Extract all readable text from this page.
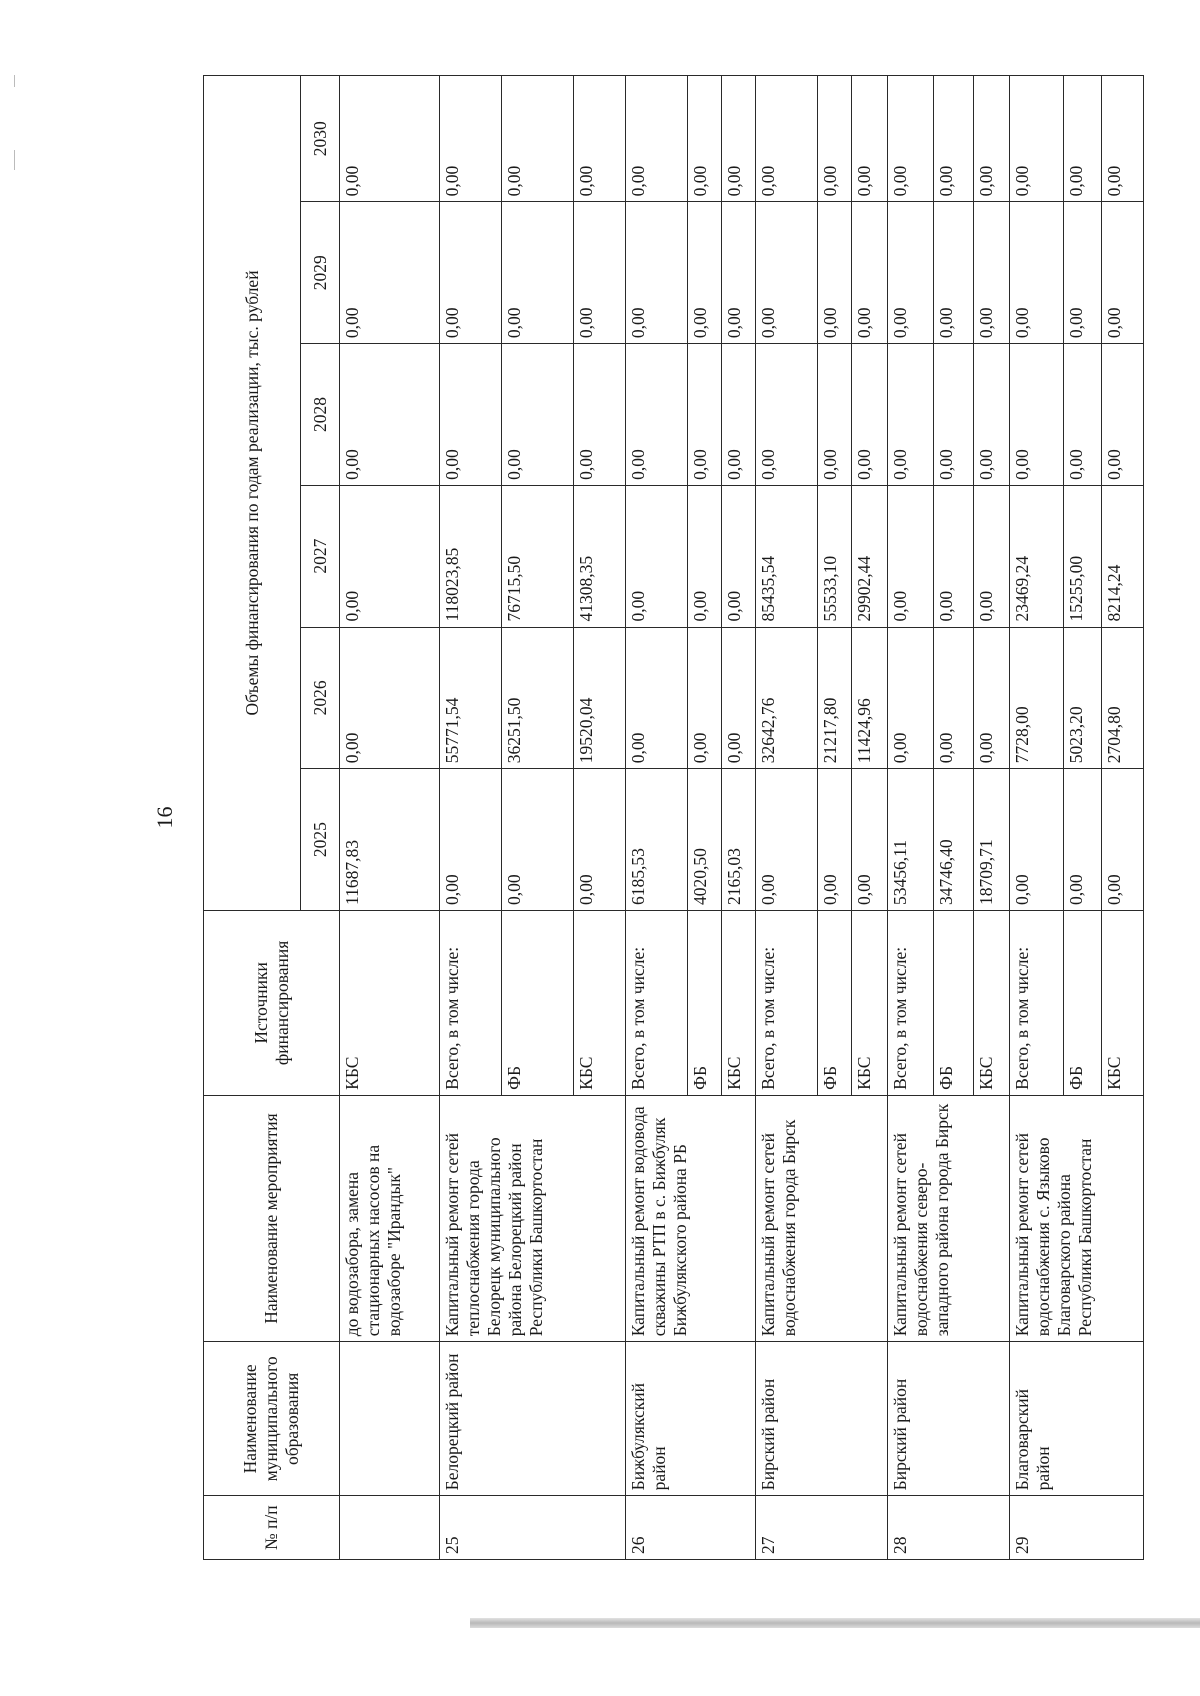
16
№ п/п	Наименование муниципального образования	Наименование мероприятия	Источники финансирования	Объемы финансирования по годам реализации, тыс. рублей					
				2025	2026	2027	2028	2029	2030
		до водозабора, замена стационарных насосов на водозаборе "Ирандык"	КБС	11687,83	0,00	0,00	0,00	0,00	0,00
25	Белорецкий район	Капитальный ремонт сетей теплоснабжения города Белорецк муниципального района Белорецкий район Республики Башкортостан	Всего, в том числе:	0,00	55771,54	118023,85	0,00	0,00	0,00
			ФБ	0,00	36251,50	76715,50	0,00	0,00	0,00
			КБС	0,00	19520,04	41308,35	0,00	0,00	0,00
26	Бижбулякский район	Капитальный ремонт водовода скважины РТП в с. Бижбуляк Бижбулякского района РБ	Всего, в том числе:	6185,53	0,00	0,00	0,00	0,00	0,00
			ФБ	4020,50	0,00	0,00	0,00	0,00	0,00
			КБС	2165,03	0,00	0,00	0,00	0,00	0,00
27	Бирский район	Капитальный ремонт сетей водоснабжения города Бирск	Всего, в том числе:	0,00	32642,76	85435,54	0,00	0,00	0,00
			ФБ	0,00	21217,80	55533,10	0,00	0,00	0,00
			КБС	0,00	11424,96	29902,44	0,00	0,00	0,00
28	Бирский район	Капитальный ремонт сетей водоснабжения северо-западного района города Бирск	Всего, в том числе:	53456,11	0,00	0,00	0,00	0,00	0,00
			ФБ	34746,40	0,00	0,00	0,00	0,00	0,00
			КБС	18709,71	0,00	0,00	0,00	0,00	0,00
29	Благоварский район	Капитальный ремонт сетей водоснабжения с. Языково Благоварского района Республики Башкортостан	Всего, в том числе:	0,00	7728,00	23469,24	0,00	0,00	0,00
			ФБ	0,00	5023,20	15255,00	0,00	0,00	0,00
			КБС	0,00	2704,80	8214,24	0,00	0,00	0,00
